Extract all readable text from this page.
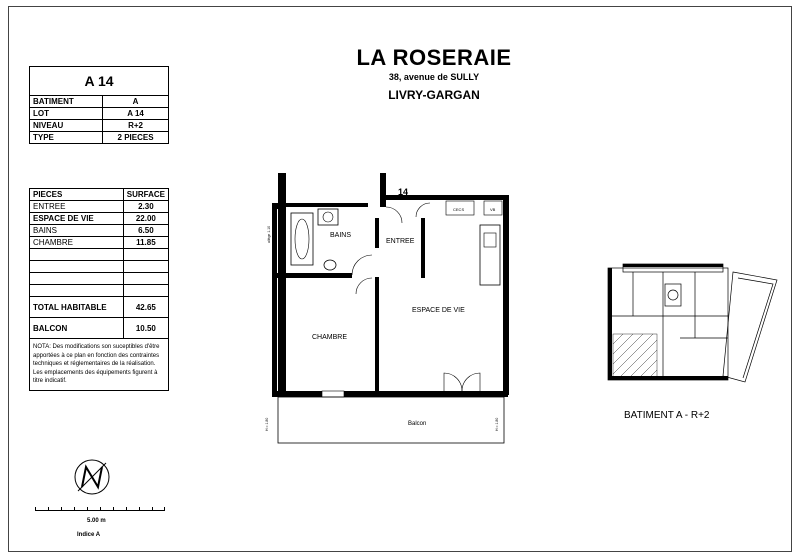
LA ROSERAIE
38, avenue de SULLY
LIVRY-GARGAN
A 14	
BATIMENT	A
LOT	A 14
NIVEAU	R+2
TYPE	2 PIECES
PIECES	SURFACE
ENTREE	2.30
ESPACE DE VIE	22.00
BAINS	6.50
CHAMBRE	11.85

TOTAL HABITABLE	42.65
BALCON	10.50
NOTA: Des modifications son suceptibles d'être apportées à ce plan en fonction des contraintes techniques et réglementaires de la réalisation. Les emplacements des équipements figurent à titre indicatif.	
5.00 m
Indice A
14
BAINS
ENTREE
ESPACE DE VIE
CHAMBRE
Balcon
CECS	VB
H = 1.80	H = 1.80
allège 1.10
BATIMENT A - R+2
